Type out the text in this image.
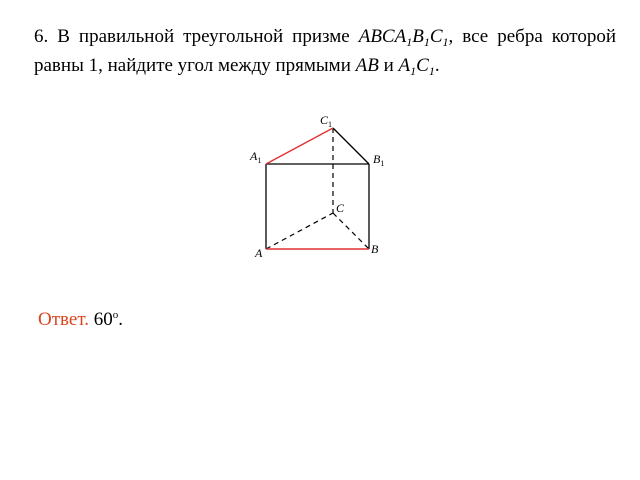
6. В правильной треугольной призме $ABCA_1B_1C_1$, все ребра которой равны 1, найдите угол между прямыми AB и $A_1C_1$.

$C_1$
$A_1$	$B_1$
C
A	B

Ответ. 60$^o$.
